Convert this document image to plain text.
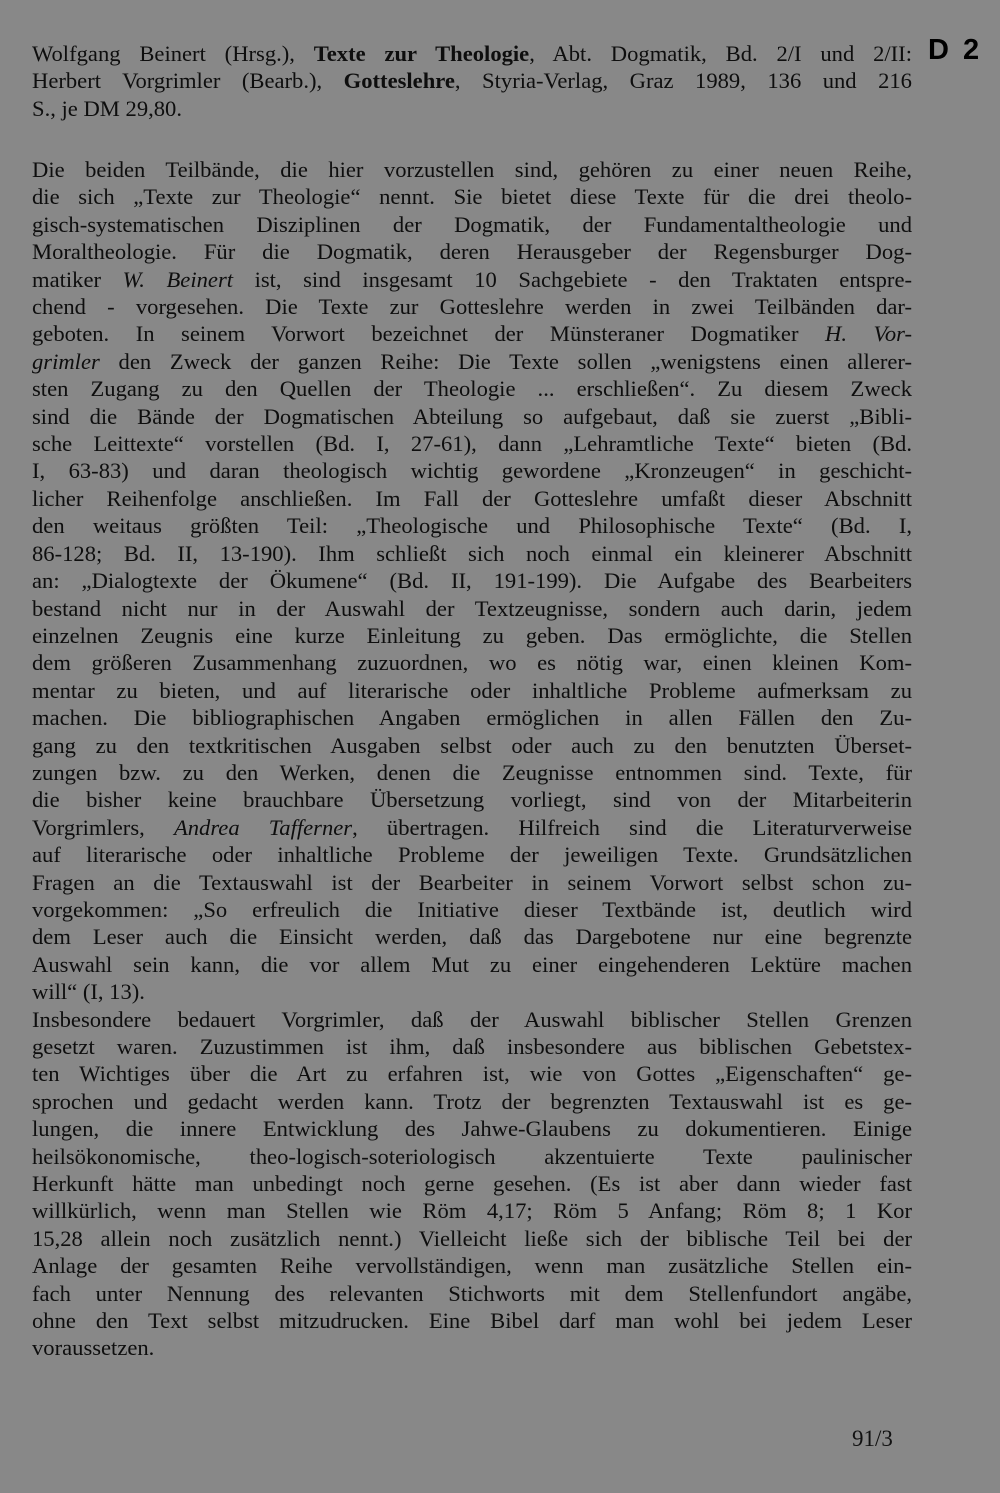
D 2
Wolfgang Beinert (Hrsg.), Texte zur Theologie, Abt. Dogmatik, Bd. 2/I und 2/II:
Herbert Vorgrimler (Bearb.), Gotteslehre, Styria-Verlag, Graz 1989, 136 und 216
S., je DM 29,80.
Die beiden Teilbände, die hier vorzustellen sind, gehören zu einer neuen Reihe,
die sich „Texte zur Theologie“ nennt. Sie bietet diese Texte für die drei theolo-
gisch-systematischen Disziplinen der Dogmatik, der Fundamentaltheologie und
Moraltheologie. Für die Dogmatik, deren Herausgeber der Regensburger Dog-
matiker W. Beinert ist, sind insgesamt 10 Sachgebiete - den Traktaten entspre-
chend - vorgesehen. Die Texte zur Gotteslehre werden in zwei Teilbänden dar-
geboten. In seinem Vorwort bezeichnet der Münsteraner Dogmatiker H. Vor-
grimler den Zweck der ganzen Reihe: Die Texte sollen „wenigstens einen allerer-
sten Zugang zu den Quellen der Theologie ... erschließen“. Zu diesem Zweck
sind die Bände der Dogmatischen Abteilung so aufgebaut, daß sie zuerst „Bibli-
sche Leittexte“ vorstellen (Bd. I, 27-61), dann „Lehramtliche Texte“ bieten (Bd.
I, 63-83) und daran theologisch wichtig gewordene „Kronzeugen“ in geschicht-
licher Reihenfolge anschließen. Im Fall der Gotteslehre umfaßt dieser Abschnitt
den weitaus größten Teil: „Theologische und Philosophische Texte“ (Bd. I,
86-128; Bd. II, 13-190). Ihm schließt sich noch einmal ein kleinerer Abschnitt
an: „Dialogtexte der Ökumene“ (Bd. II, 191-199). Die Aufgabe des Bearbeiters
bestand nicht nur in der Auswahl der Textzeugnisse, sondern auch darin, jedem
einzelnen Zeugnis eine kurze Einleitung zu geben. Das ermöglichte, die Stellen
dem größeren Zusammenhang zuzuordnen, wo es nötig war, einen kleinen Kom-
mentar zu bieten, und auf literarische oder inhaltliche Probleme aufmerksam zu
machen. Die bibliographischen Angaben ermöglichen in allen Fällen den Zu-
gang zu den textkritischen Ausgaben selbst oder auch zu den benutzten Überset-
zungen bzw. zu den Werken, denen die Zeugnisse entnommen sind. Texte, für
die bisher keine brauchbare Übersetzung vorliegt, sind von der Mitarbeiterin
Vorgrimlers, Andrea Tafferner, übertragen. Hilfreich sind die Literaturverweise
auf literarische oder inhaltliche Probleme der jeweiligen Texte. Grundsätzlichen
Fragen an die Textauswahl ist der Bearbeiter in seinem Vorwort selbst schon zu-
vorgekommen: „So erfreulich die Initiative dieser Textbände ist, deutlich wird
dem Leser auch die Einsicht werden, daß das Dargebotene nur eine begrenzte
Auswahl sein kann, die vor allem Mut zu einer eingehenderen Lektüre machen
will“ (I, 13).
Insbesondere bedauert Vorgrimler, daß der Auswahl biblischer Stellen Grenzen
gesetzt waren. Zuzustimmen ist ihm, daß insbesondere aus biblischen Gebetstex-
ten Wichtiges über die Art zu erfahren ist, wie von Gottes „Eigenschaften“ ge-
sprochen und gedacht werden kann. Trotz der begrenzten Textauswahl ist es ge-
lungen, die innere Entwicklung des Jahwe-Glaubens zu dokumentieren. Einige
heilsökonomische, theo-logisch-soteriologisch akzentuierte Texte paulinischer
Herkunft hätte man unbedingt noch gerne gesehen. (Es ist aber dann wieder fast
willkürlich, wenn man Stellen wie Röm 4,17; Röm 5 Anfang; Röm 8; 1 Kor
15,28 allein noch zusätzlich nennt.) Vielleicht ließe sich der biblische Teil bei der
Anlage der gesamten Reihe vervollständigen, wenn man zusätzliche Stellen ein-
fach unter Nennung des relevanten Stichworts mit dem Stellenfundort angäbe,
ohne den Text selbst mitzudrucken. Eine Bibel darf man wohl bei jedem Leser
voraussetzen.
91/3
